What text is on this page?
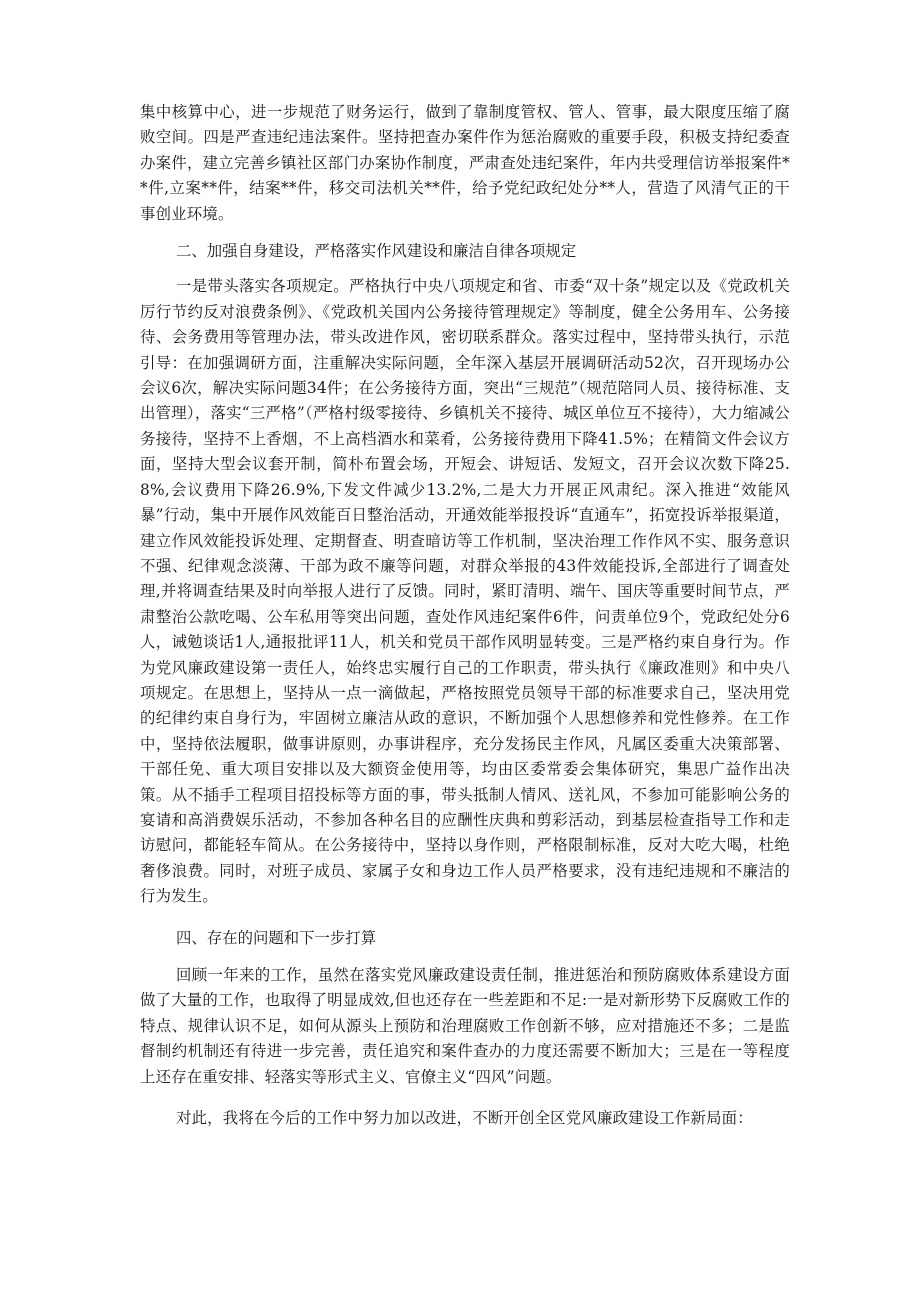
集中核算中心，进一步规范了财务运行，做到了靠制度管权、管人、管事，最大限度压缩了腐败空间。四是严查违纪违法案件。坚持把查办案件作为惩治腐败的重要手段，积极支持纪委查办案件，建立完善乡镇社区部门办案协作制度，严肃查处违纪案件，年内共受理信访举报案件**件,立案**件，结案**件，移交司法机关**件，给予党纪政纪处分**人，营造了风清气正的干事创业环境。

二、加强自身建设，严格落实作风建设和廉洁自律各项规定

一是带头落实各项规定。严格执行中央八项规定和省、市委“双十条”规定以及《党政机关厉行节约反对浪费条例》、《党政机关国内公务接待管理规定》等制度，健全公务用车、公务接待、会务费用等管理办法，带头改进作风，密切联系群众。落实过程中，坚持带头执行，示范引导：在加强调研方面，注重解决实际问题，全年深入基层开展调研活动52次，召开现场办公会议6次，解决实际问题34件；在公务接待方面，突出“三规范”（规范陪同人员、接待标准、支出管理），落实“三严格”（严格村级零接待、乡镇机关不接待、城区单位互不接待），大力缩减公务接待，坚持不上香烟，不上高档酒水和菜肴，公务接待费用下降41.5%；在精简文件会议方面，坚持大型会议套开制，简朴布置会场，开短会、讲短话、发短文，召开会议次数下降25.8%,会议费用下降26.9%,下发文件减少13.2%,二是大力开展正风肃纪。深入推进“效能风暴”行动，集中开展作风效能百日整治活动，开通效能举报投诉“直通车”，拓宽投诉举报渠道，建立作风效能投诉处理、定期督查、明查暗访等工作机制，坚决治理工作作风不实、服务意识不强、纪律观念淡薄、干部为政不廉等问题，对群众举报的43件效能投诉,全部进行了调查处理,并将调查结果及时向举报人进行了反馈。同时，紧盯清明、端午、国庆等重要时间节点，严肃整治公款吃喝、公车私用等突出问题，查处作风违纪案件6件，问责单位9个，党政纪处分6人，诫勉谈话1人,通报批评11人，机关和党员干部作风明显转变。三是严格约束自身行为。作为党风廉政建设第一责任人，始终忠实履行自己的工作职责，带头执行《廉政准则》和中央八项规定。在思想上，坚持从一点一滴做起，严格按照党员领导干部的标准要求自己，坚决用党的纪律约束自身行为，牢固树立廉洁从政的意识，不断加强个人思想修养和党性修养。在工作中，坚持依法履职，做事讲原则，办事讲程序，充分发扬民主作风，凡属区委重大决策部署、干部任免、重大项目安排以及大额资金使用等，均由区委常委会集体研究，集思广益作出决策。从不插手工程项目招投标等方面的事，带头抵制人情风、送礼风，不参加可能影响公务的宴请和高消费娱乐活动，不参加各种名目的应酬性庆典和剪彩活动，到基层检查指导工作和走访慰问，都能轻车简从。在公务接待中，坚持以身作则，严格限制标准，反对大吃大喝，杜绝奢侈浪费。同时，对班子成员、家属子女和身边工作人员严格要求，没有违纪违规和不廉洁的行为发生。

四、存在的问题和下一步打算

回顾一年来的工作，虽然在落实党风廉政建设责任制，推进惩治和预防腐败体系建设方面做了大量的工作，也取得了明显成效,但也还存在一些差距和不足:一是对新形势下反腐败工作的特点、规律认识不足，如何从源头上预防和治理腐败工作创新不够，应对措施还不多；二是监督制约机制还有待进一步完善，责任追究和案件查办的力度还需要不断加大；三是在一等程度上还存在重安排、轻落实等形式主义、官僚主义“四风”问题。

对此，我将在今后的工作中努力加以改进，不断开创全区党风廉政建设工作新局面：
